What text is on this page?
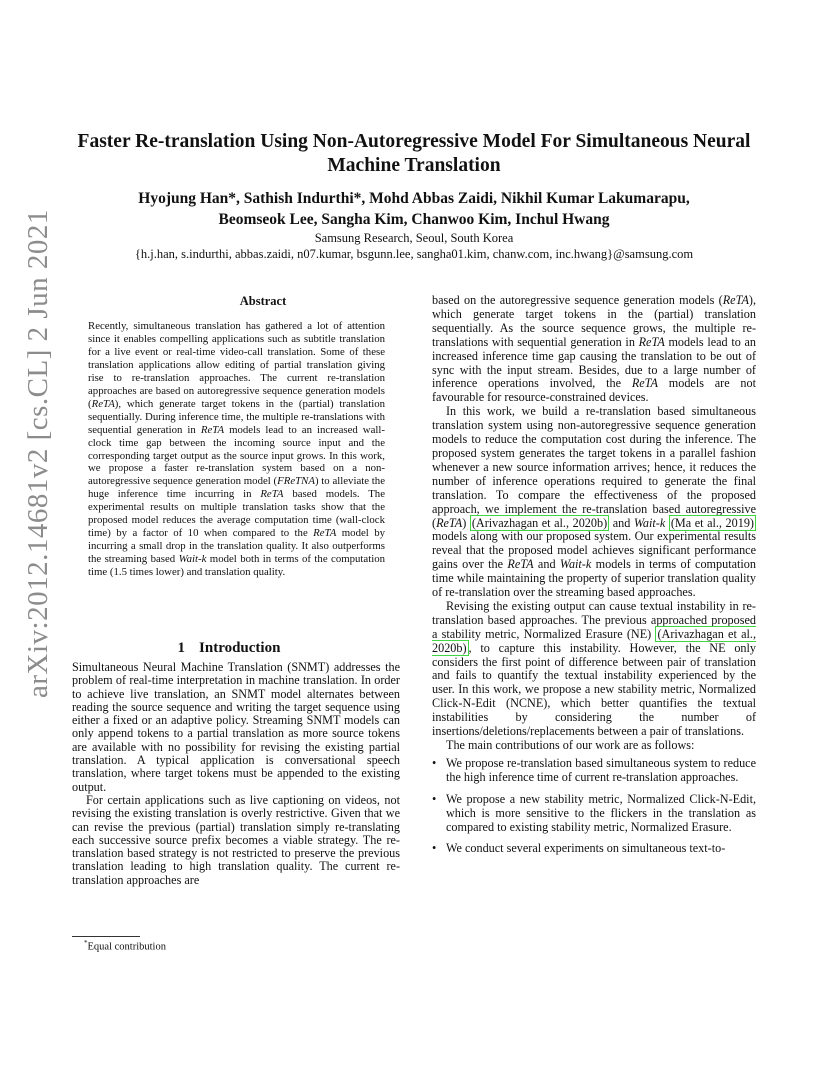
arXiv:2012.14681v2 [cs.CL] 2 Jun 2021
Faster Re-translation Using Non-Autoregressive Model For Simultaneous Neural
Machine Translation
Hyojung Han*, Sathish Indurthi*, Mohd Abbas Zaidi, Nikhil Kumar Lakumarapu,
Beomseok Lee, Sangha Kim, Chanwoo Kim, Inchul Hwang
Samsung Research, Seoul, South Korea
{h.j.han, s.indurthi, abbas.zaidi, n07.kumar, bsgunn.lee, sangha01.kim, chanw.com, inc.hwang}@samsung.com
Abstract
Recently, simultaneous translation has gathered a lot of attention since it enables compelling applications such as subtitle translation for a live event or real-time video-call translation. Some of these translation applications allow editing of partial translation giving rise to re-translation approaches. The current re-translation approaches are based on autoregressive sequence generation models (ReTA), which generate target tokens in the (partial) translation sequentially. During inference time, the multiple re-translations with sequential generation in ReTA models lead to an increased wall-clock time gap between the incoming source input and the corresponding target output as the source input grows. In this work, we propose a faster re-translation system based on a non-autoregressive sequence generation model (FReTNA) to alleviate the huge inference time incurring in ReTA based models. The experimental results on multiple translation tasks show that the proposed model reduces the average computation time (wall-clock time) by a factor of 10 when compared to the ReTA model by incurring a small drop in the translation quality. It also outperforms the streaming based Wait-k model both in terms of the computation time (1.5 times lower) and translation quality.
1 Introduction

Simultaneous Neural Machine Translation (SNMT) addresses the problem of real-time interpretation in machine translation. In order to achieve live translation, an SNMT model alternates between reading the source sequence and writing the target sequence using either a fixed or an adaptive policy. Streaming SNMT models can only append tokens to a partial translation as more source tokens are available with no possibility for revising the existing partial translation. A typical application is conversational speech translation, where target tokens must be appended to the existing output.

For certain applications such as live captioning on videos, not revising the existing translation is overly restrictive. Given that we can revise the previous (partial) translation simply re-translating each successive source prefix becomes a viable strategy. The re-translation based strategy is not restricted to preserve the previous translation leading to high translation quality. The current re-translation approaches are

based on the autoregressive sequence generation models (ReTA), which generate target tokens in the (partial) translation sequentially. As the source sequence grows, the multiple re-translations with sequential generation in ReTA models lead to an increased inference time gap causing the translation to be out of sync with the input stream. Besides, due to a large number of inference operations involved, the ReTA models are not favourable for resource-constrained devices.

In this work, we build a re-translation based simultaneous translation system using non-autoregressive sequence generation models to reduce the computation cost during the inference. The proposed system generates the target tokens in a parallel fashion whenever a new source information arrives; hence, it reduces the number of inference operations required to generate the final translation. To compare the effectiveness of the proposed approach, we implement the re-translation based autoregressive (ReTA) (Arivazhagan et al., 2020b) and Wait-k (Ma et al., 2019) models along with our proposed system. Our experimental results reveal that the proposed model achieves significant performance gains over the ReTA and Wait-k models in terms of computation time while maintaining the property of superior translation quality of re-translation over the streaming based approaches.

Revising the existing output can cause textual instability in re-translation based approaches. The previous approached proposed a stability metric, Normalized Erasure (NE) (Arivazhagan et al., 2020b) , to capture this instability. However, the NE only considers the first point of difference between pair of translation and fails to quantify the textual instability experienced by the user. In this work, we propose a new stability metric, Normalized Click-N-Edit (NCNE), which better quantifies the textual instabilities by considering the number of insertions/deletions/replacements between a pair of translations.

The main contributions of our work are as follows:

• We propose re-translation based simultaneous system to reduce the high inference time of current re-translation approaches.
• We propose a new stability metric, Normalized Click-N-Edit, which is more sensitive to the flickers in the translation as compared to existing stability metric, Normalized Erasure.
• We conduct several experiments on simultaneous text-to-
*Equal contribution
